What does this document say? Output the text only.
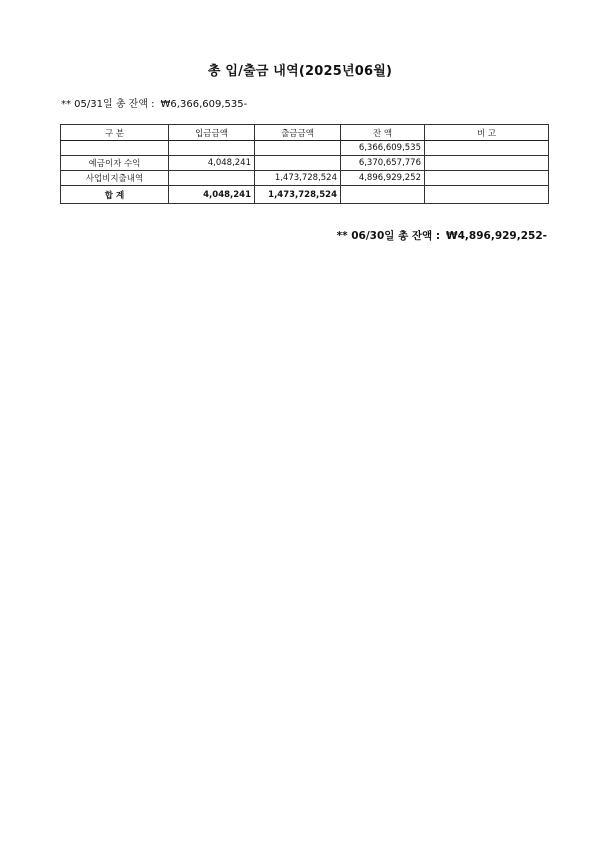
총 입/출금 내역(2025년06월)
** 05/31일 총 잔액 : ₩6,366,609,535-
구 분	입금금액	출금금액	잔 액	비 고
			6,366,609,535	
예금이자 수익	4,048,241		6,370,657,776	
사업비지출내역		1,473,728,524	4,896,929,252	
합 계	4,048,241	1,473,728,524		
** 06/30일 총 잔액 : ₩4,896,929,252-
